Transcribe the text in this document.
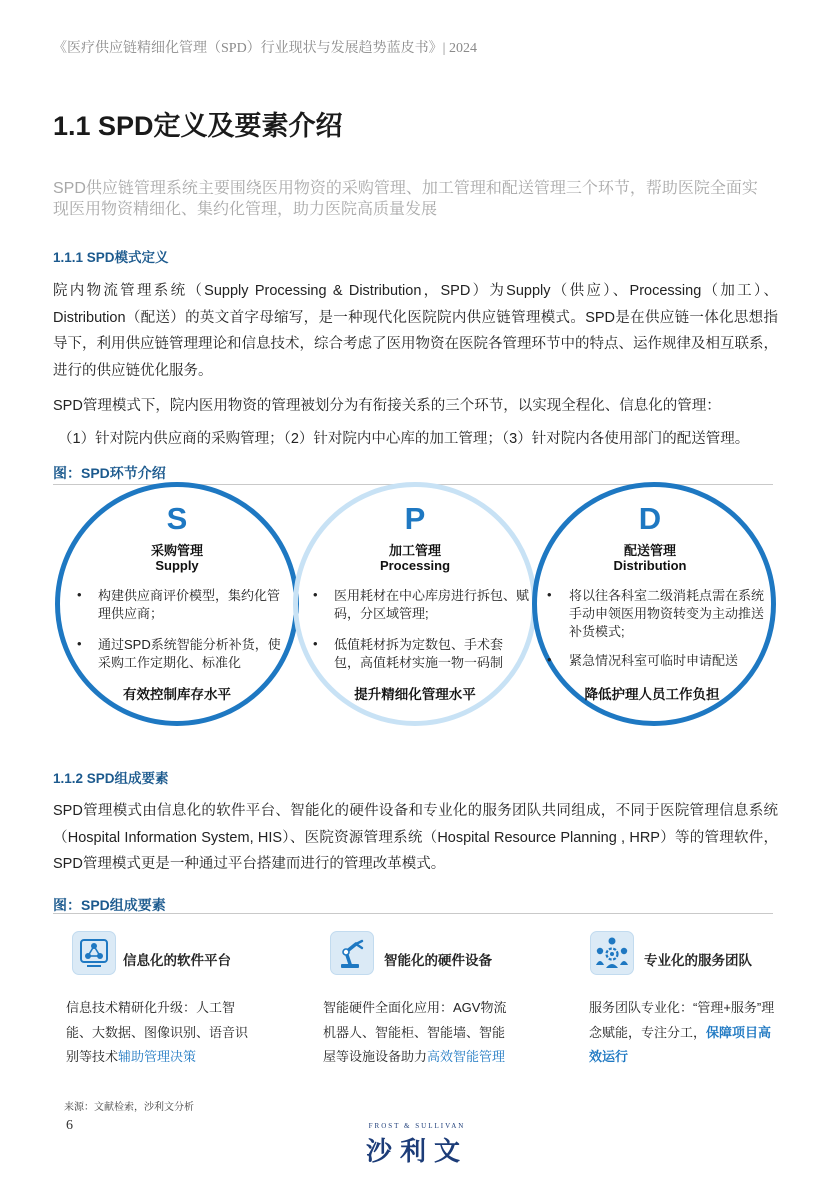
《医疗供应链精细化管理（SPD）行业现状与发展趋势蓝皮书》| 2024
1.1 SPD定义及要素介绍
SPD供应链管理系统主要围绕医用物资的采购管理、加工管理和配送管理三个环节，帮助医院全面实现医用物资精细化、集约化管理，助力医院高质量发展
1.1.1 SPD模式定义
院内物流管理系统（Supply Processing & Distribution，SPD）为Supply（供应）、Processing（加工）、Distribution（配送）的英文首字母缩写，是一种现代化医院院内供应链管理模式。SPD是在供应链一体化思想指导下，利用供应链管理理论和信息技术，综合考虑了医用物资在医院各管理环节中的特点、运作规律及相互联系，进行的供应链优化服务。
SPD管理模式下，院内医用物资的管理被划分为有衔接关系的三个环节，以实现全程化、信息化的管理：
（1）针对院内供应商的采购管理；（2）针对院内中心库的加工管理；（3）针对院内各使用部门的配送管理。
图：SPD环节介绍
S	P	D
采购管理
Supply
加工管理
Processing
配送管理
Distribution
• 构建供应商评价模型，集约化管理供应商；
• 通过SPD系统智能分析补货，使采购工作定期化、标准化
• 医用耗材在中心库房进行拆包、赋码，分区域管理;
• 低值耗材拆为定数包、手术套包，高值耗材实施一物一码制
• 将以往各科室二级消耗点需在系统手动申领医用物资转变为主动推送补货模式;
• 紧急情况科室可临时申请配送
有效控制库存水平	提升精细化管理水平	降低护理人员工作负担
1.1.2 SPD组成要素
SPD管理模式由信息化的软件平台、智能化的硬件设备和专业化的服务团队共同组成，不同于医院管理信息系统（Hospital Information System, HIS）、医院资源管理系统（Hospital Resource Planning , HRP）等的管理软件，SPD管理模式更是一种通过平台搭建而进行的管理改革模式。
图：SPD组成要素
信息化的软件平台
信息技术精研化升级：人工智能、大数据、图像识别、语音识别等技术辅助管理决策
智能化的硬件设备
智能硬件全面化应用：AGV物流机器人、智能柜、智能墙、智能屋等设施设备助力高效智能管理
专业化的服务团队
服务团队专业化：“管理+服务”理念赋能，专注分工，保障项目高效运行
来源：文献检索，沙利文分析
6	FROST & SULLIVAN
沙利文
